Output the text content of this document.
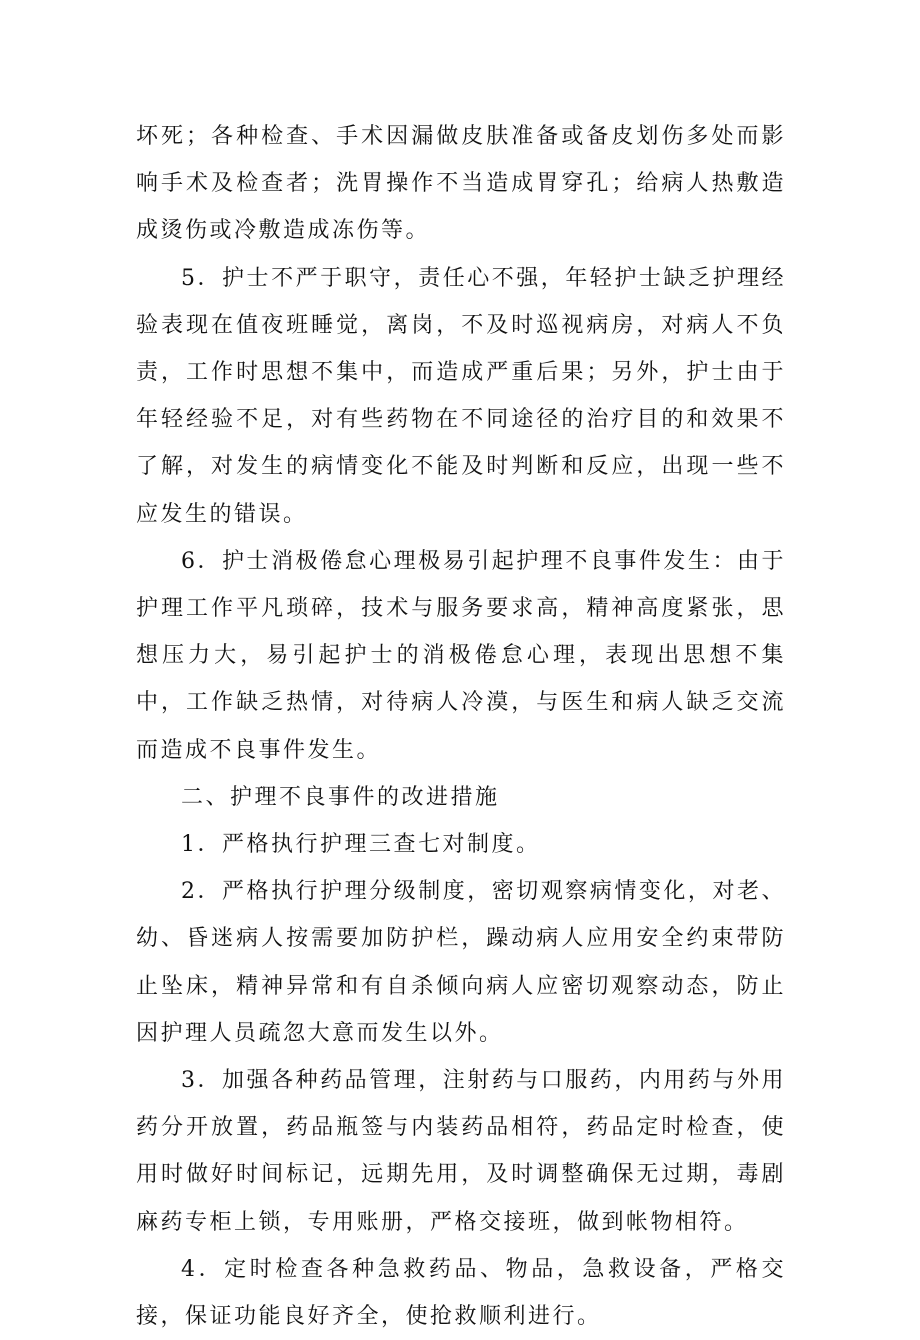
坏死；各种检查、手术因漏做皮肤准备或备皮划伤多处而影响手术及检查者；洗胃操作不当造成胃穿孔；给病人热敷造成烫伤或冷敷造成冻伤等。

5．护士不严于职守，责任心不强，年轻护士缺乏护理经验表现在值夜班睡觉，离岗，不及时巡视病房，对病人不负责，工作时思想不集中，而造成严重后果；另外，护士由于年轻经验不足，对有些药物在不同途径的治疗目的和效果不了解，对发生的病情变化不能及时判断和反应，出现一些不应发生的错误。

6．护士消极倦怠心理极易引起护理不良事件发生：由于护理工作平凡琐碎，技术与服务要求高，精神高度紧张，思想压力大，易引起护士的消极倦怠心理，表现出思想不集中，工作缺乏热情，对待病人冷漠，与医生和病人缺乏交流而造成不良事件发生。

二、护理不良事件的改进措施

1．严格执行护理三查七对制度。

2．严格执行护理分级制度，密切观察病情变化，对老、幼、昏迷病人按需要加防护栏，躁动病人应用安全约束带防止坠床，精神异常和有自杀倾向病人应密切观察动态，防止因护理人员疏忽大意而发生以外。

3．加强各种药品管理，注射药与口服药，内用药与外用药分开放置，药品瓶签与内装药品相符，药品定时检查，使用时做好时间标记，远期先用，及时调整确保无过期，毒剧麻药专柜上锁，专用账册，严格交接班，做到帐物相符。

4．定时检查各种急救药品、物品，急救设备，严格交接，保证功能良好齐全，使抢救顺利进行。
